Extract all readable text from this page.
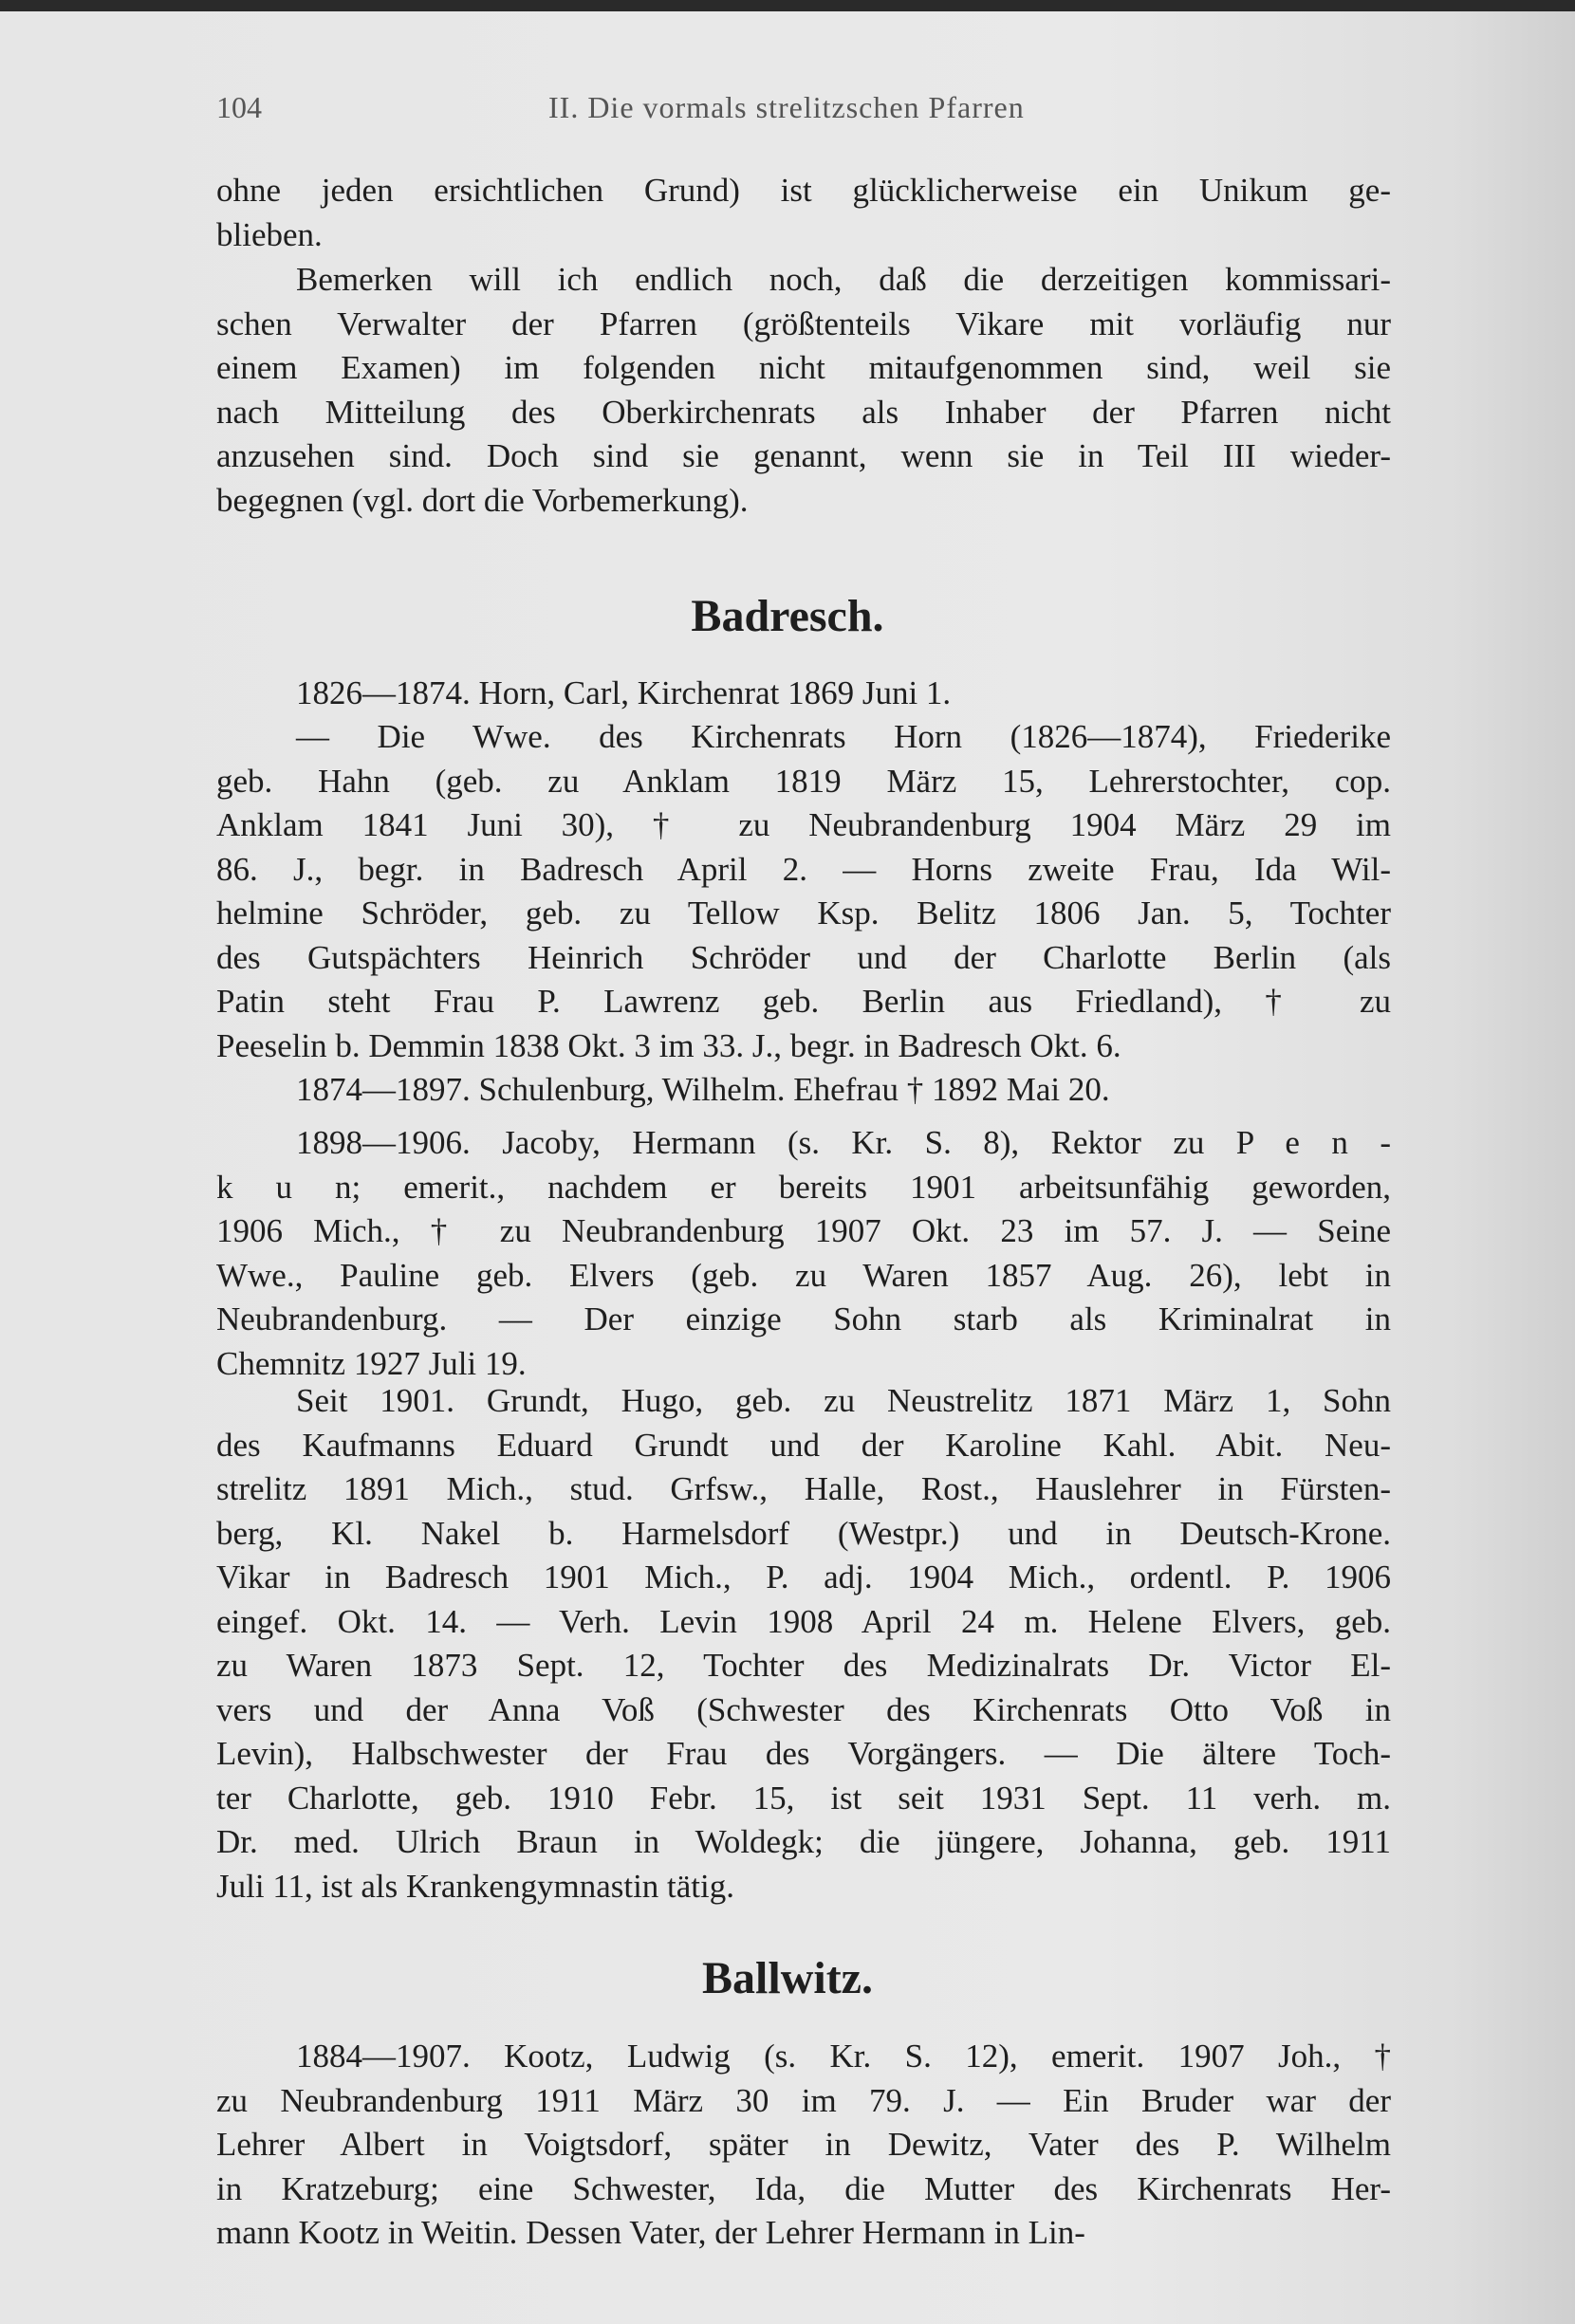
104	II. Die vormals strelitzschen Pfarren
ohne jeden ersichtlichen Grund) ist glücklicherweise ein Unikum ge-
blieben.
Bemerken will ich endlich noch, daß die derzeitigen kommissari-
schen Verwalter der Pfarren (größtenteils Vikare mit vorläufig nur
einem Examen) im folgenden nicht mitaufgenommen sind, weil sie
nach Mitteilung des Oberkirchenrats als Inhaber der Pfarren nicht
anzusehen sind. Doch sind sie genannt, wenn sie in Teil III wieder-
begegnen (vgl. dort die Vorbemerkung).
Badresch.
1826—1874. Horn, Carl, Kirchenrat 1869 Juni 1.
— Die Wwe. des Kirchenrats Horn (1826—1874), Friederike
geb. Hahn (geb. zu Anklam 1819 März 15, Lehrerstochter, cop.
Anklam 1841 Juni 30), † zu Neubrandenburg 1904 März 29 im
86. J., begr. in Badresch April 2. — Horns zweite Frau, Ida Wil-
helmine Schröder, geb. zu Tellow Ksp. Belitz 1806 Jan. 5, Tochter
des Gutspächters Heinrich Schröder und der Charlotte Berlin (als
Patin steht Frau P. Lawrenz geb. Berlin aus Friedland), † zu
Peeselin b. Demmin 1838 Okt. 3 im 33. J., begr. in Badresch Okt. 6.
1874—1897. Schulenburg, Wilhelm. Ehefrau † 1892 Mai 20.
1898—1906. Jacoby, Hermann (s. Kr. S. 8), Rektor zu P e n -
k u n; emerit., nachdem er bereits 1901 arbeitsunfähig geworden,
1906 Mich., † zu Neubrandenburg 1907 Okt. 23 im 57. J. — Seine
Wwe., Pauline geb. Elvers (geb. zu Waren 1857 Aug. 26), lebt in
Neubrandenburg. — Der einzige Sohn starb als Kriminalrat in
Chemnitz 1927 Juli 19.
Seit 1901. Grundt, Hugo, geb. zu Neustrelitz 1871 März 1, Sohn
des Kaufmanns Eduard Grundt und der Karoline Kahl. Abit. Neu-
strelitz 1891 Mich., stud. Grfsw., Halle, Rost., Hauslehrer in Fürsten-
berg, Kl. Nakel b. Harmelsdorf (Westpr.) und in Deutsch-Krone.
Vikar in Badresch 1901 Mich., P. adj. 1904 Mich., ordentl. P. 1906
eingef. Okt. 14. — Verh. Levin 1908 April 24 m. Helene Elvers, geb.
zu Waren 1873 Sept. 12, Tochter des Medizinalrats Dr. Victor El-
vers und der Anna Voß (Schwester des Kirchenrats Otto Voß in
Levin), Halbschwester der Frau des Vorgängers. — Die ältere Toch-
ter Charlotte, geb. 1910 Febr. 15, ist seit 1931 Sept. 11 verh. m.
Dr. med. Ulrich Braun in Woldegk; die jüngere, Johanna, geb. 1911
Juli 11, ist als Krankengymnastin tätig.
Ballwitz.
1884—1907. Kootz, Ludwig (s. Kr. S. 12), emerit. 1907 Joh., †
zu Neubrandenburg 1911 März 30 im 79. J. — Ein Bruder war der
Lehrer Albert in Voigtsdorf, später in Dewitz, Vater des P. Wilhelm
in Kratzeburg; eine Schwester, Ida, die Mutter des Kirchenrats Her-
mann Kootz in Weitin. Dessen Vater, der Lehrer Hermann in Lin-
